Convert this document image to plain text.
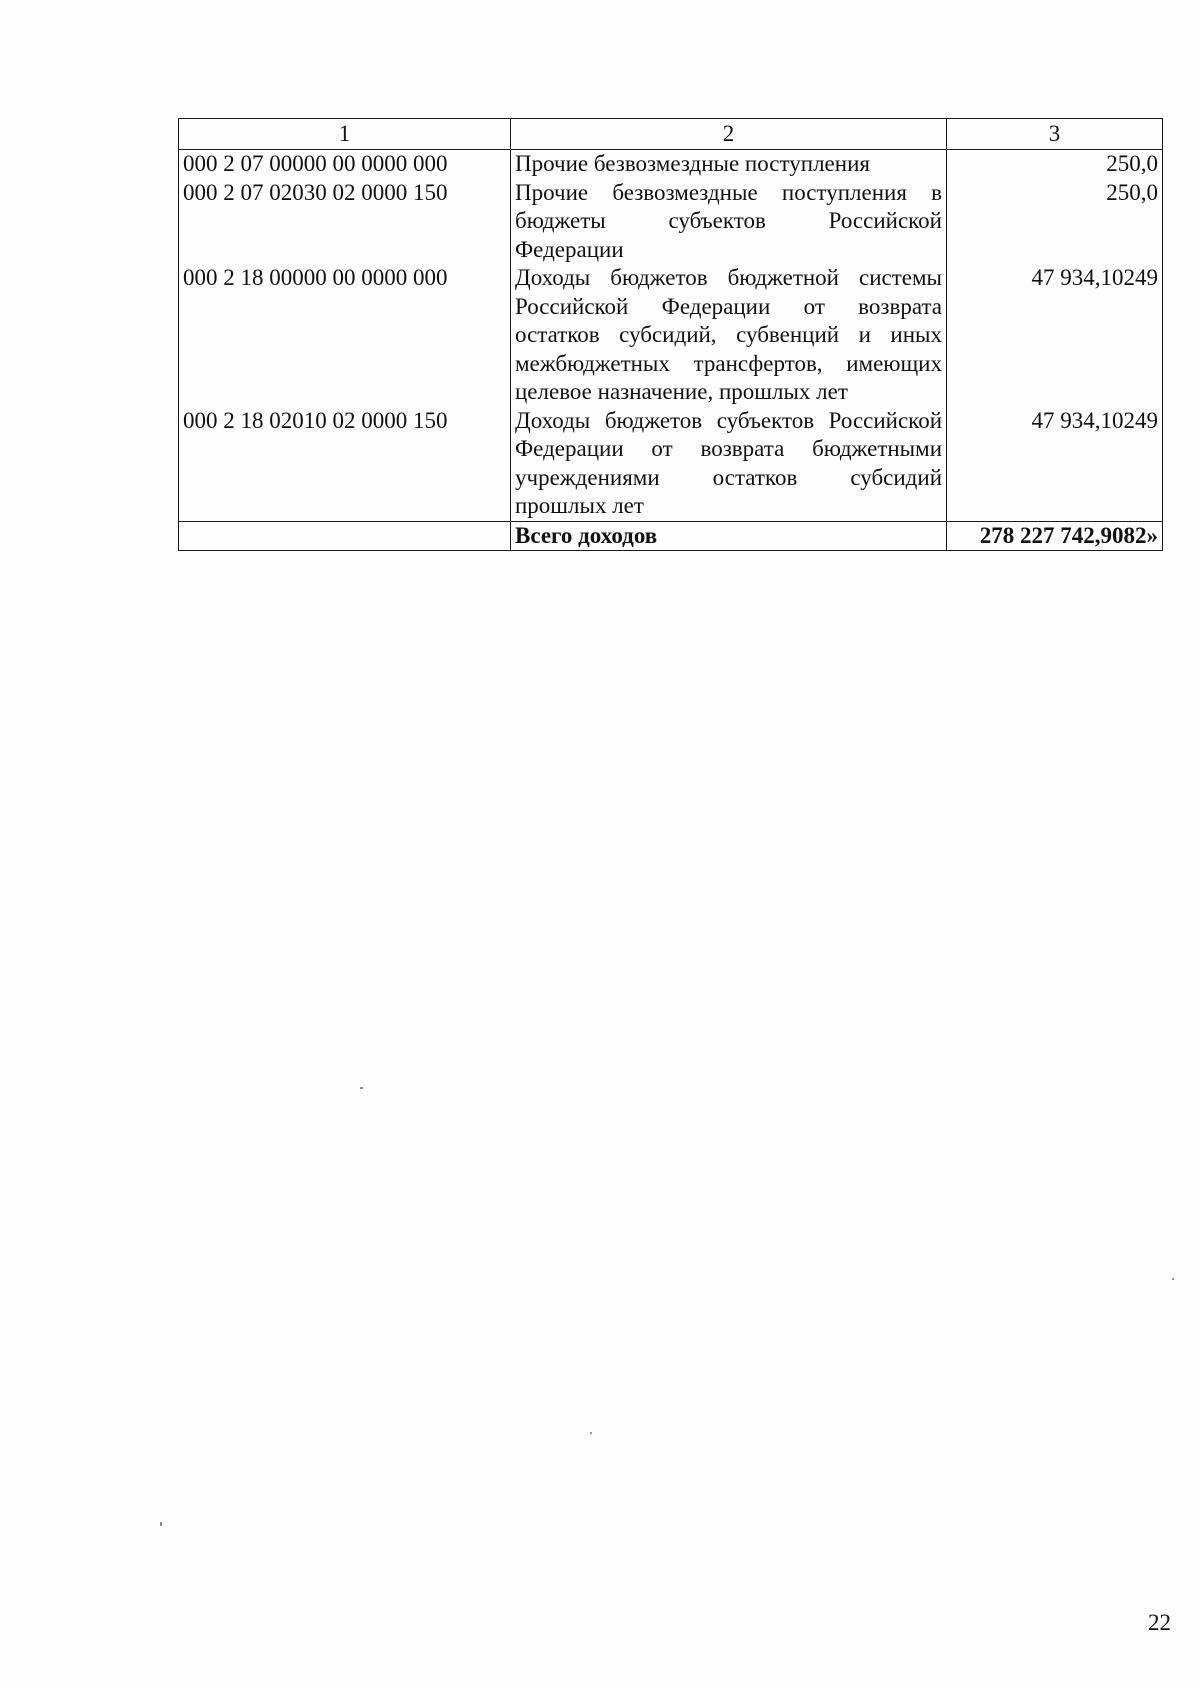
1	2	3
000 2 07 00000 00 0000 000	Прочие безвозмездные поступления	250,0
000 2 07 02030 02 0000 150	Прочие безвозмездные поступления в бюджеты субъектов Российской Федерации	250,0
000 2 18 00000 00 0000 000	Доходы бюджетов бюджетной системы Российской Федерации от возврата остатков субсидий, субвенций и иных межбюджетных трансфертов, имеющих целевое назначение, прошлых лет	47 934,10249
000 2 18 02010 02 0000 150	Доходы бюджетов субъектов Российской Федерации от возврата бюджетными учреждениями остатков субсидий прошлых лет	47 934,10249
	Всего доходов	278 227 742,9082»
22
